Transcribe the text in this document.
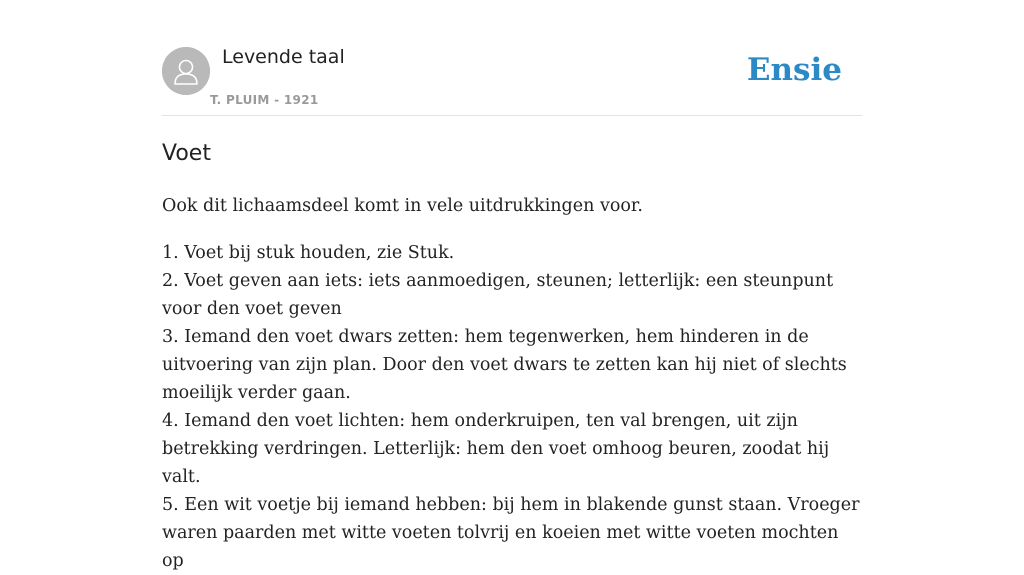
Levende taal
T. PLUIM - 1921
Ensie
Voet

Ook dit lichaamsdeel komt in vele uitdrukkingen voor.

1. Voet bij stuk houden, zie Stuk.
2. Voet geven aan iets: iets aanmoedigen, steunen; letterlijk: een steunpunt voor den voet geven
3. Iemand den voet dwars zetten: hem tegenwerken, hem hinderen in de uitvoering van zijn plan. Door den voet dwars te zetten kan hij niet of slechts moeilijk verder gaan.
4. Iemand den voet lichten: hem onderkruipen, ten val brengen, uit zijn betrekking verdringen. Letterlijk: hem den voet omhoog beuren, zoodat hij valt.
5. Een wit voetje bij iemand hebben: bij hem in blakende gunst staan. Vroeger waren paarden met witte voeten tolvrij en koeien met witte voeten mochten op
